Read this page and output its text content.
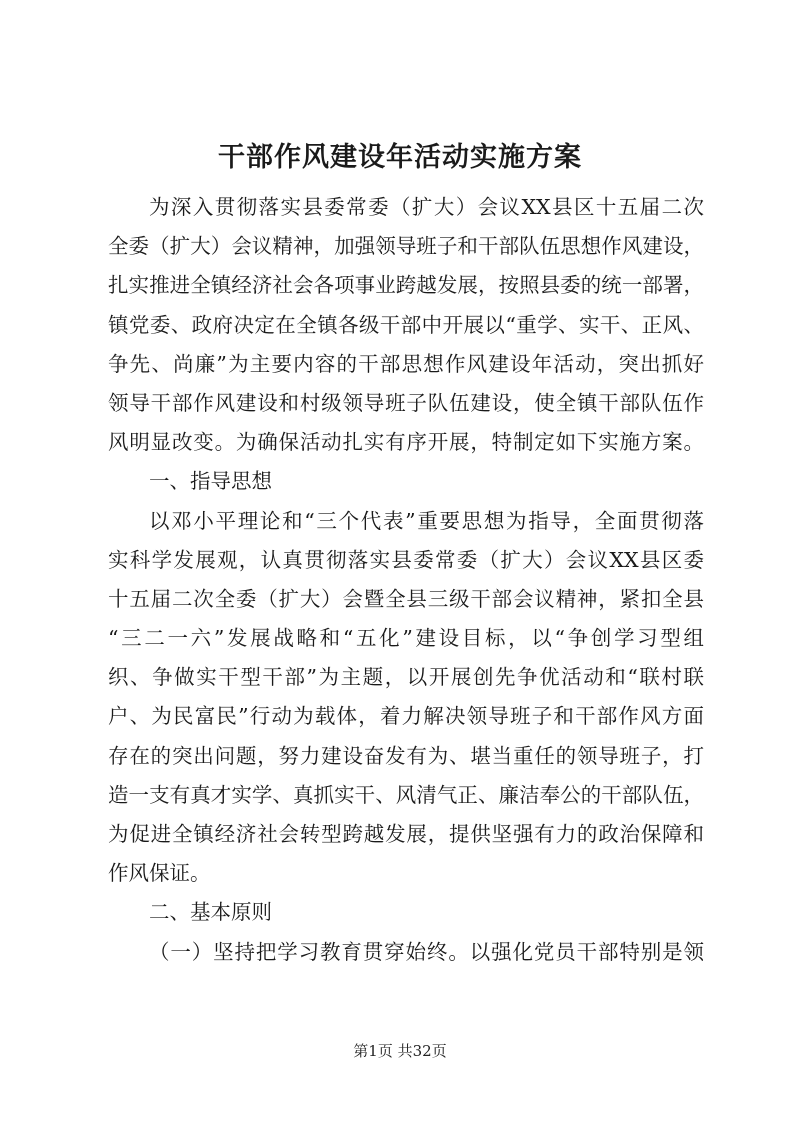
干部作风建设年活动实施方案
为深入贯彻落实县委常委（扩大）会议XX县区十五届二次
全委（扩大）会议精神，加强领导班子和干部队伍思想作风建设，
扎实推进全镇经济社会各项事业跨越发展，按照县委的统一部署，
镇党委、政府决定在全镇各级干部中开展以“重学、实干、正风、
争先、尚廉”为主要内容的干部思想作风建设年活动，突出抓好
领导干部作风建设和村级领导班子队伍建设，使全镇干部队伍作
风明显改变。为确保活动扎实有序开展，特制定如下实施方案。
一、指导思想
以邓小平理论和“三个代表”重要思想为指导，全面贯彻落
实科学发展观，认真贯彻落实县委常委（扩大）会议XX县区委
十五届二次全委（扩大）会暨全县三级干部会议精神，紧扣全县
“三二一六”发展战略和“五化”建设目标，以“争创学习型组
织、争做实干型干部”为主题，以开展创先争优活动和“联村联
户、为民富民”行动为载体，着力解决领导班子和干部作风方面
存在的突出问题，努力建设奋发有为、堪当重任的领导班子，打
造一支有真才实学、真抓实干、风清气正、廉洁奉公的干部队伍，
为促进全镇经济社会转型跨越发展，提供坚强有力的政治保障和
作风保证。
二、基本原则
（一）坚持把学习教育贯穿始终。以强化党员干部特别是领
第1页 共32页
